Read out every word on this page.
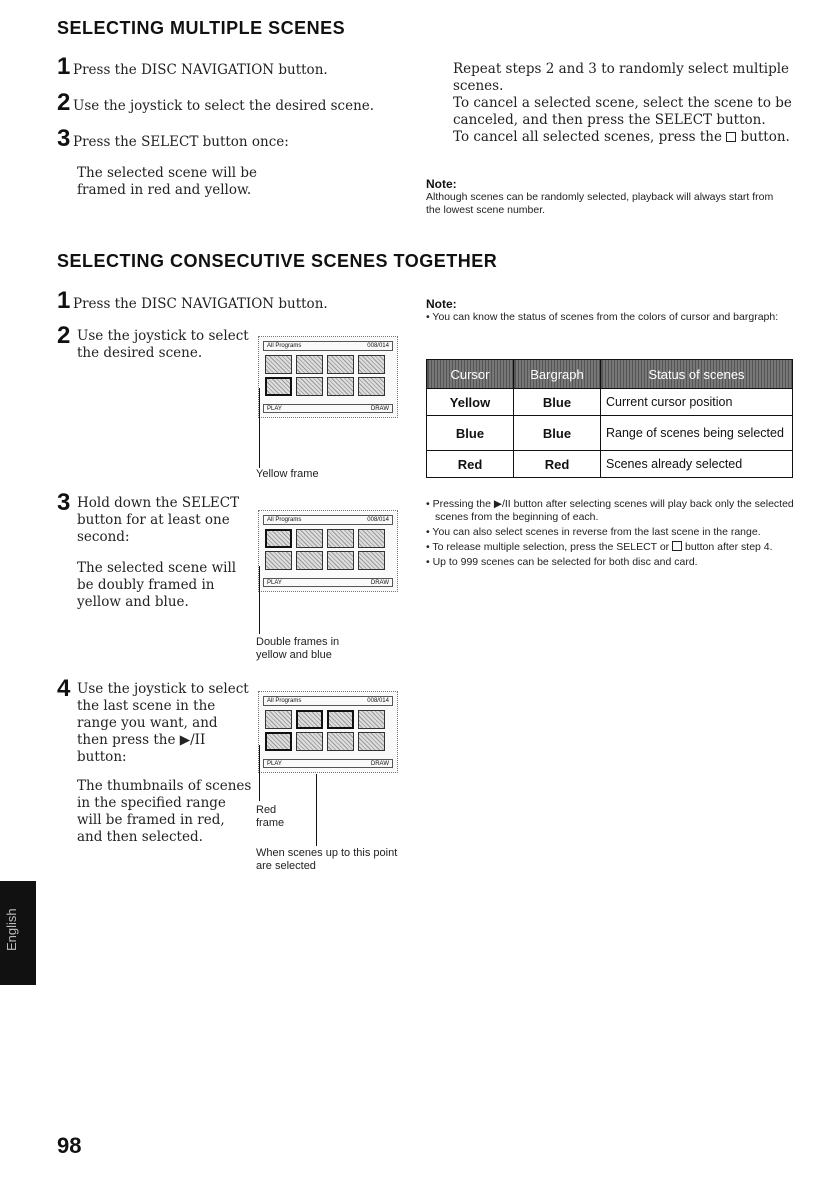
SELECTING MULTIPLE SCENES
1 Press the DISC NAVIGATION button.
2 Use the joystick to select the desired scene.
3 Press the SELECT button once:
The selected scene will be framed in red and yellow.
Repeat steps 2 and 3 to randomly select multiple scenes.
To cancel a selected scene, select the scene to be canceled, and then press the SELECT button.
To cancel all selected scenes, press the  button.
Note:
Although scenes can be randomly selected, playback will always start from the lowest scene number.
SELECTING CONSECUTIVE SCENES TOGETHER
1 Press the DISC NAVIGATION button.
2 Use the joystick to select the desired scene.	All Programs	008/014
PLAY	DRAW
Yellow frame
3 Hold down the SELECT button for at least one second:
The selected scene will be doubly framed in yellow and blue.
All Programs	008/014
PLAY	DRAW
Double frames in yellow and blue
4 Use the joystick to select the last scene in the range you want, and then press the ▶/II button:
The thumbnails of scenes in the specified range will be framed in red, and then selected.
All Programs	008/014
PLAY	DRAW
Red frame
When scenes up to this point are selected
Note:
• You can know the status of scenes from the colors of cursor and bargraph:
Cursor	Bargraph	Status of scenes
Yellow	Blue	Current cursor position
Blue	Blue	Range of scenes being selected
Red	Red	Scenes already selected

• Pressing the ▶/II button after selecting scenes will play back only the selected scenes from the beginning of each.

• You can also select scenes in reverse from the last scene in the range.

• To release multiple selection, press the SELECT or  button after step 4.

• Up to 999 scenes can be selected for both disc and card.

English
98
